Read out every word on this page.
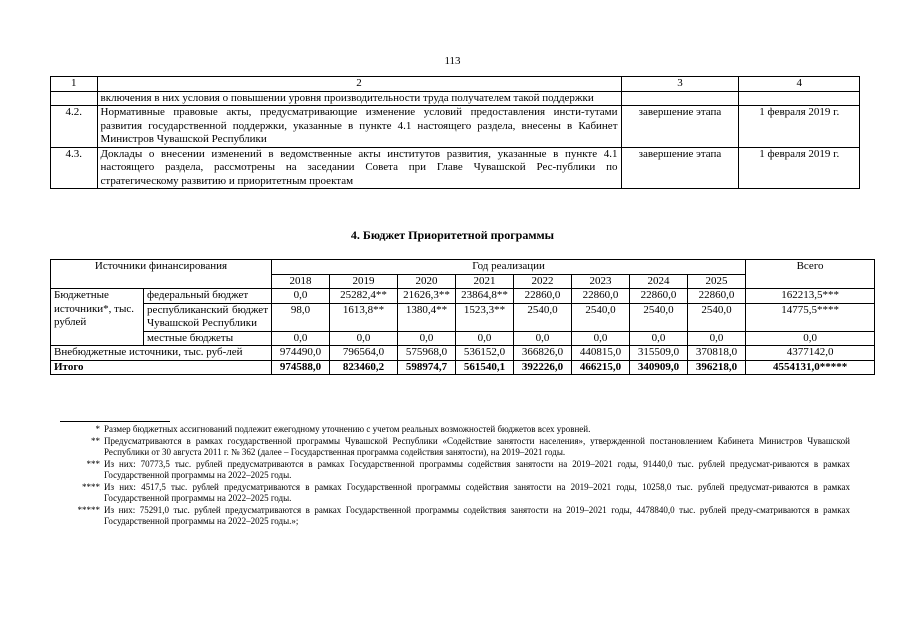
113
1	2	3	4
	включения в них условия о повышении уровня производительности труда получателем такой поддержки		
4.2.	Нормативные правовые акты, предусматривающие изменение условий предоставления инсти-тутами развития государственной поддержки, указанные в пункте 4.1 настоящего раздела, внесены в Кабинет Министров Чувашской Республики	завершение этапа	1 февраля 2019 г.
4.3.	Доклады о внесении изменений в ведомственные акты институтов развития, указанные в пункте 4.1 настоящего раздела, рассмотрены на заседании Совета при Главе Чувашской Рес-публики по стратегическому развитию и приоритетным проектам	завершение этапа	1 февраля 2019 г.
4. Бюджет Приоритетной программы
Источники финансирования		Год реализации								Всего
		2018	2019	2020	2021	2022	2023	2024	2025	
Бюджетные источники*, тыс. рублей	федеральный бюджет	0,0	25282,4**	21626,3**	23864,8**	22860,0	22860,0	22860,0	22860,0	162213,5***
	республиканский бюджет Чувашской Республики	98,0	1613,8**	1380,4**	1523,3**	2540,0	2540,0	2540,0	2540,0	14775,5****
	местные бюджеты	0,0	0,0	0,0	0,0	0,0	0,0	0,0	0,0	0,0
Внебюджетные источники, тыс. руб-лей		974490,0	796564,0	575968,0	536152,0	366826,0	440815,0	315509,0	370818,0	4377142,0
Итого		974588,0	823460,2	598974,7	561540,1	392226,0	466215,0	340909,0	396218,0	4554131,0*****
* Размер бюджетных ассигнований подлежит ежегодному уточнению с учетом реальных возможностей бюджетов всех уровней.
** Предусматриваются в рамках государственной программы Чувашской Республики «Содействие занятости населения», утвержденной постановлением Кабинета Министров Чувашской Республики от 30 августа 2011 г. № 362 (далее – Государственная программа содействия занятости), на 2019–2021 годы.
*** Из них: 70773,5 тыс. рублей предусматриваются в рамках Государственной программы содействия занятости на 2019–2021 годы, 91440,0 тыс. рублей предусмат-риваются в рамках Государственной программы на 2022–2025 годы.
**** Из них: 4517,5 тыс. рублей предусматриваются в рамках Государственной программы содействия занятости на 2019–2021 годы, 10258,0 тыс. рублей предусмат-риваются в рамках Государственной программы на 2022–2025 годы.
***** Из них: 75291,0 тыс. рублей предусматриваются в рамках Государственной программы содействия занятости на 2019–2021 годы, 4478840,0 тыс. рублей преду-сматриваются в рамках Государственной программы на 2022–2025 годы.»;
